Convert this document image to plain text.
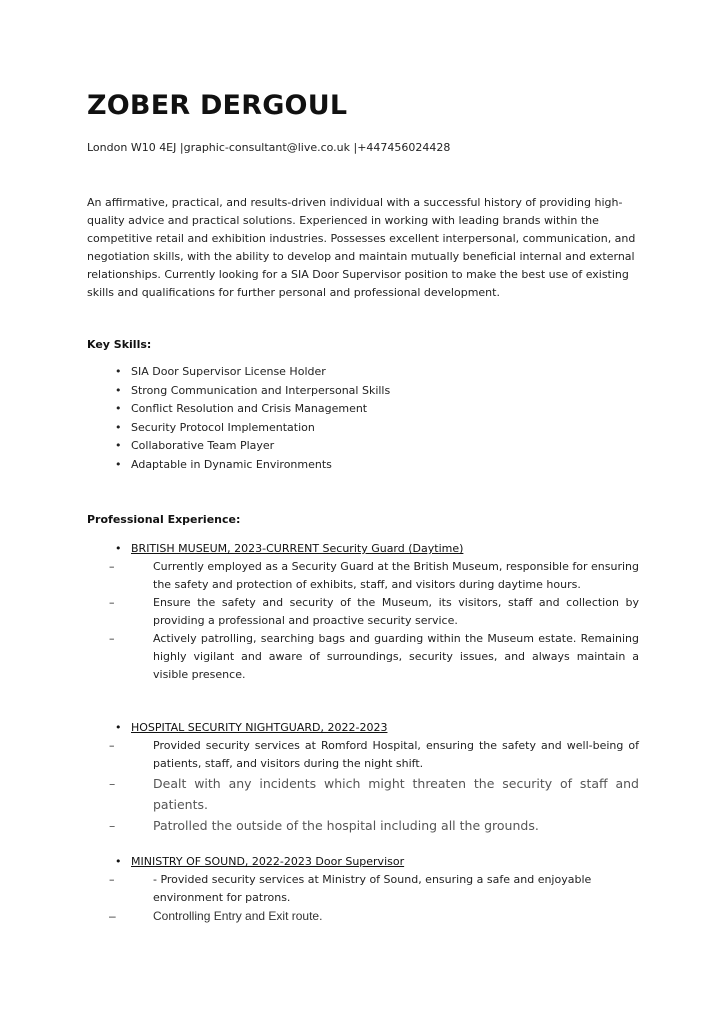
ZOBER DERGOUL

London W10 4EJ |graphic-consultant@live.co.uk |+447456024428

An affirmative, practical, and results-driven individual with a successful history of providing high-quality advice and practical solutions. Experienced in working with leading brands within the competitive retail and exhibition industries. Possesses excellent interpersonal, communication, and negotiation skills, with the ability to develop and maintain mutually beneficial internal and external relationships. Currently looking for a SIA Door Supervisor position to make the best use of existing skills and qualifications for further personal and professional development.

Key Skills:

• SIA Door Supervisor License Holder
• Strong Communication and Interpersonal Skills
• Conflict Resolution and Crisis Management
• Security Protocol Implementation
• Collaborative Team Player
• Adaptable in Dynamic Environments

Professional Experience:

• BRITISH MUSEUM, 2023-CURRENT Security Guard (Daytime)
–	Currently employed as a Security Guard at the British Museum, responsible for ensuring the safety and protection of exhibits, staff, and visitors during daytime hours.
–	Ensure the safety and security of the Museum, its visitors, staff and collection by providing a professional and proactive security service.
–	Actively patrolling, searching bags and guarding within the Museum estate. Remaining highly vigilant and aware of surroundings, security issues, and always maintain a visible presence.
• HOSPITAL SECURITY NIGHTGUARD, 2022-2023
–	Provided security services at Romford Hospital, ensuring the safety and well-being of patients, staff, and visitors during the night shift.
–	Dealt with any incidents which might threaten the security of staff and patients.
–	Patrolled the outside of the hospital including all the grounds.
• MINISTRY OF SOUND, 2022-2023 Door Supervisor
–	- Provided security services at Ministry of Sound, ensuring a safe and enjoyable environment for patrons.
–	Controlling Entry and Exit route.
